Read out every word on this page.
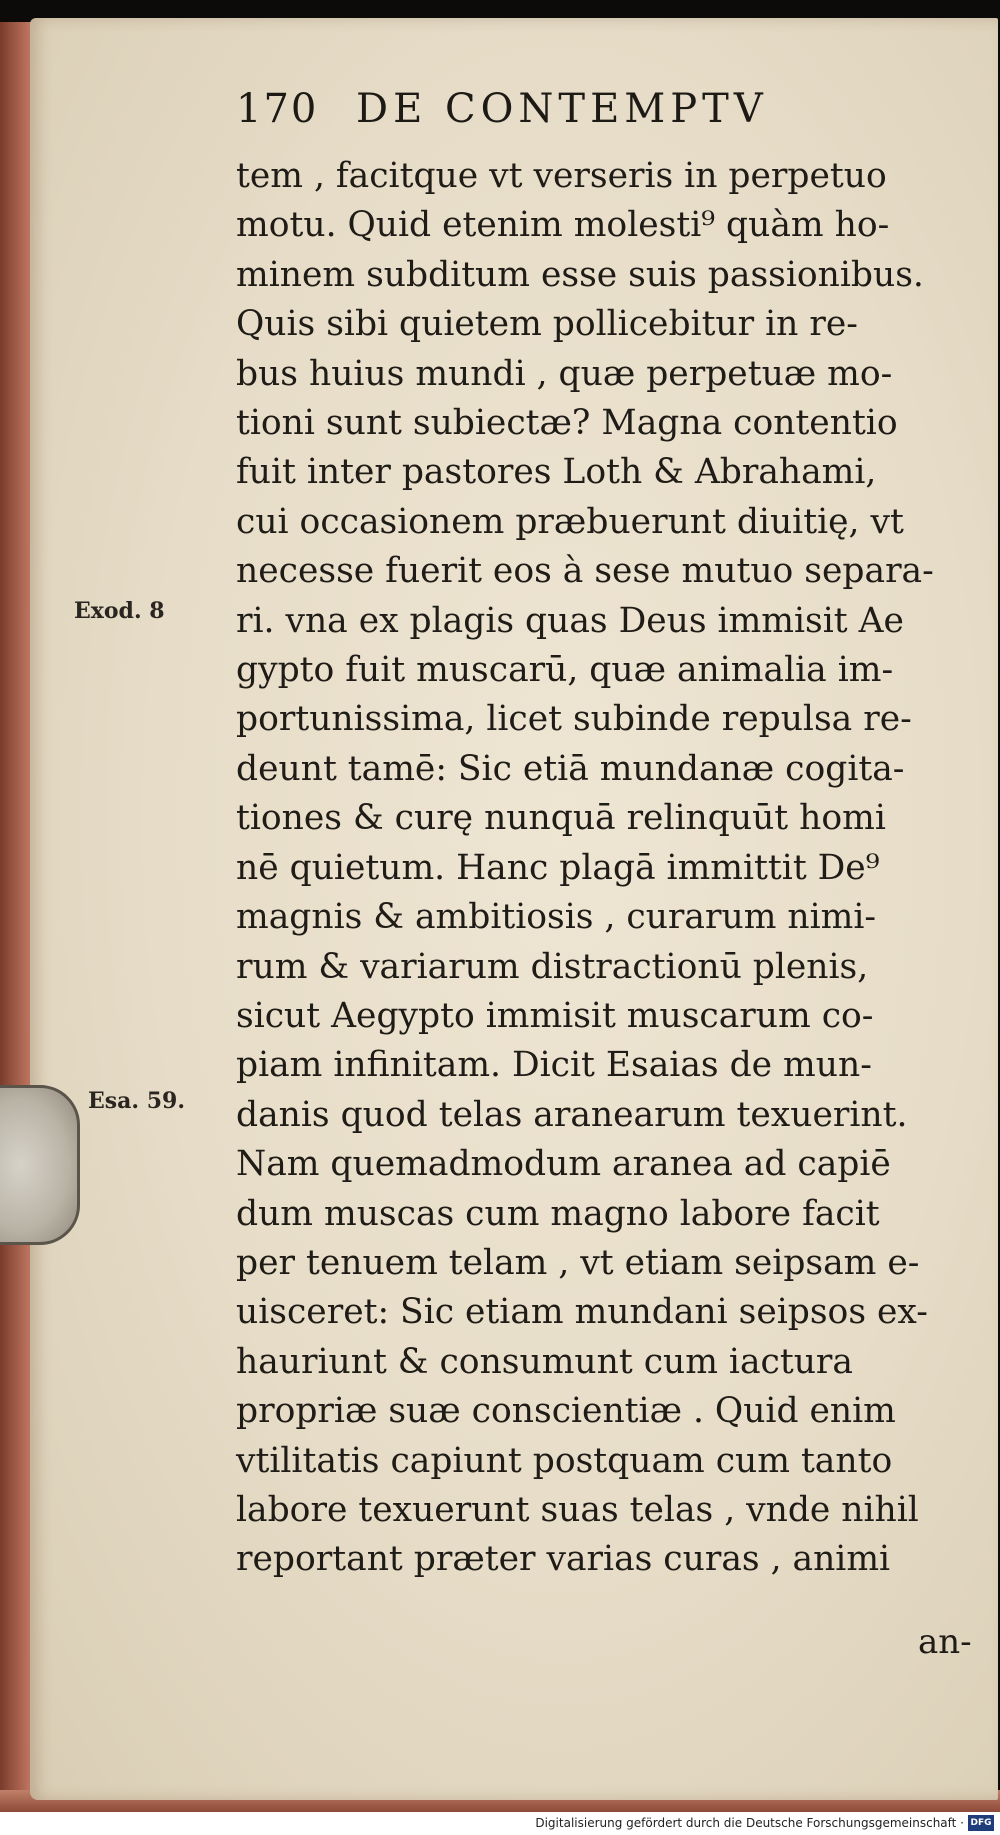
170 DE CONTEMPTV
tem , facitque vt verseris in perpetuo
motu. Quid etenim molesti⁹ quàm ho-
minem subditum esse suis passionibus.
Quis sibi quietem pollicebitur in re-
bus huius mundi , quæ perpetuæ mo-
tioni sunt subiectæ? Magna contentio
fuit inter pastores Loth & Abrahami,
cui occasionem præbuerunt diuitię, vt
necesse fuerit eos à sese mutuo separa-
ri. vna ex plagis quas Deus immisit Ae
gypto fuit muscarū, quæ animalia im-
portunissima, licet subinde repulsa re-
deunt tamē: Sic etiā mundanæ cogita-
tiones & curę nunquā relinquūt homi
nē quietum. Hanc plagā immittit De⁹
magnis & ambitiosis , curarum nimi-
rum & variarum distractionū plenis,
sicut Aegypto immisit muscarum co-
piam infinitam. Dicit Esaias de mun-
danis quod telas aranearum texuerint.
Nam quemadmodum aranea ad capiē
dum muscas cum magno labore facit
per tenuem telam , vt etiam seipsam e-
uisceret: Sic etiam mundani seipsos ex-
hauriunt & consumunt cum iactura
propriæ suæ conscientiæ . Quid enim
vtilitatis capiunt postquam cum tanto
labore texuerunt suas telas , vnde nihil
reportant præter varias curas , animi
Exod. 8
Esa. 59.
an-
Digitalisierung gefördert durch die Deutsche Forschungsgemeinschaft · DFG
